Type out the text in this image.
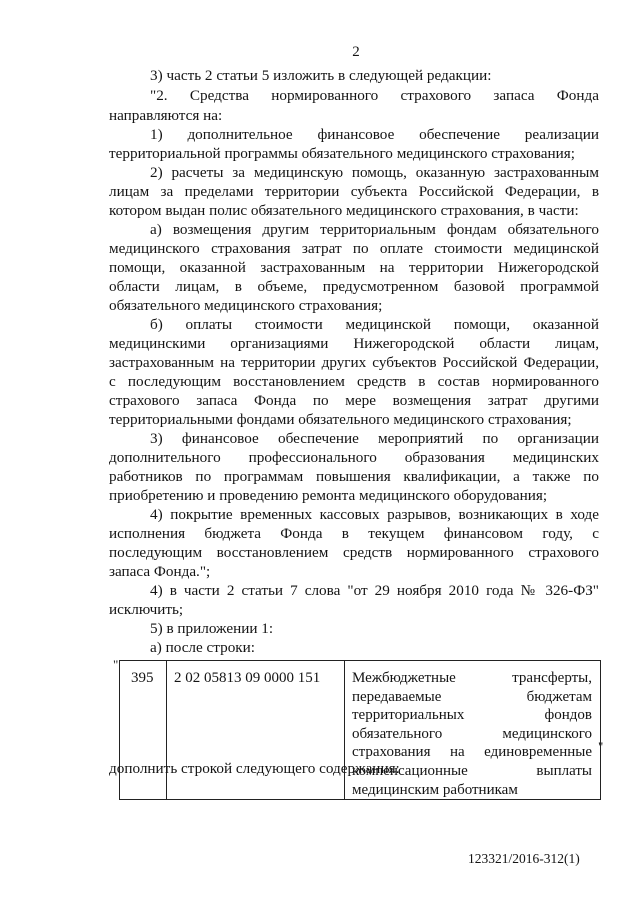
2
3) часть 2 статьи 5 изложить в следующей редакции:
"2. Средства нормированного страхового запаса Фонда
направляются на:
1) дополнительное финансовое обеспечение реализации
территориальной программы обязательного медицинского страхования;
2) расчеты за медицинскую помощь, оказанную застрахованным
лицам за пределами территории субъекта Российской Федерации, в
котором выдан полис обязательного медицинского страхования, в части:
а) возмещения другим территориальным фондам обязательного
медицинского страхования затрат по оплате стоимости медицинской
помощи, оказанной застрахованным на территории Нижегородской
области лицам, в объеме, предусмотренном базовой программой
обязательного медицинского страхования;
б) оплаты стоимости медицинской помощи, оказанной
медицинскими организациями Нижегородской области лицам,
застрахованным на территории других субъектов Российской Федерации,
с последующим восстановлением средств в состав нормированного
страхового запаса Фонда по мере возмещения затрат другими
территориальными фондами обязательного медицинского страхования;
3) финансовое обеспечение мероприятий по организации
дополнительного профессионального образования медицинских
работников по программам повышения квалификации, а также по
приобретению и проведению ремонта медицинского оборудования;
4) покрытие временных кассовых разрывов, возникающих в ходе
исполнения бюджета Фонда в текущем финансовом году, с
последующим восстановлением средств нормированного страхового
запаса Фонда.";
4) в части 2 статьи 7 слова "от 29 ноября 2010 года № 326-ФЗ"
исключить;
5) в приложении 1:
а) после строки:
"
395	2 02 05813 09 0000 151	Межбюджетные трансферты,
передаваемые бюджетам
территориальных фондов
обязательного медицинского
страхования на единовременные
компенсационные выплаты
медицинским работникам
"
дополнить строкой следующего содержания:
123321/2016-312(1)
